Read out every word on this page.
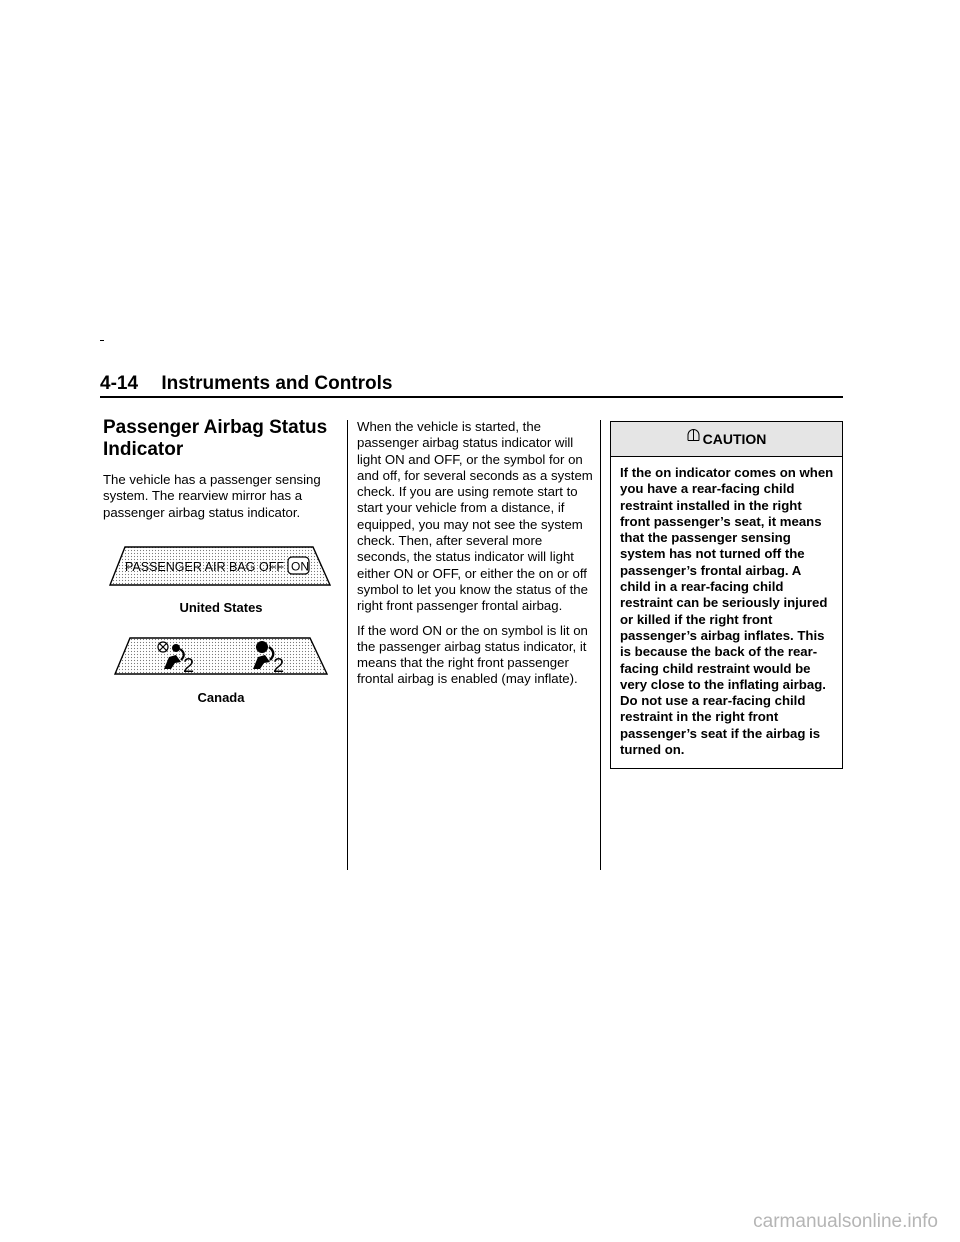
4-14 Instruments and Controls
Passenger Airbag Status Indicator

The vehicle has a passenger sensing system. The rearview mirror has a passenger airbag status indicator.

PASSENGER AIR BAG OFF ON
United States
2	2
Canada

When the vehicle is started, the passenger airbag status indicator will light ON and OFF, or the symbol for on and off, for several seconds as a system check. If you are using remote start to start your vehicle from a distance, if equipped, you may not see the system check. Then, after several more seconds, the status indicator will light either ON or OFF, or either the on or off symbol to let you know the status of the right front passenger frontal airbag.

If the word ON or the on symbol is lit on the passenger airbag status indicator, it means that the right front passenger frontal airbag is enabled (may inflate).

CAUTION
If the on indicator comes on when you have a rear-facing child restraint installed in the right front passenger’s seat, it means that the passenger sensing system has not turned off the passenger’s frontal airbag. A child in a rear-facing child restraint can be seriously injured or killed if the right front passenger’s airbag inflates. This is because the back of the rear-facing child restraint would be very close to the inflating airbag. Do not use a rear-facing child restraint in the right front passenger’s seat if the airbag is turned on.
carmanualsonline.info
